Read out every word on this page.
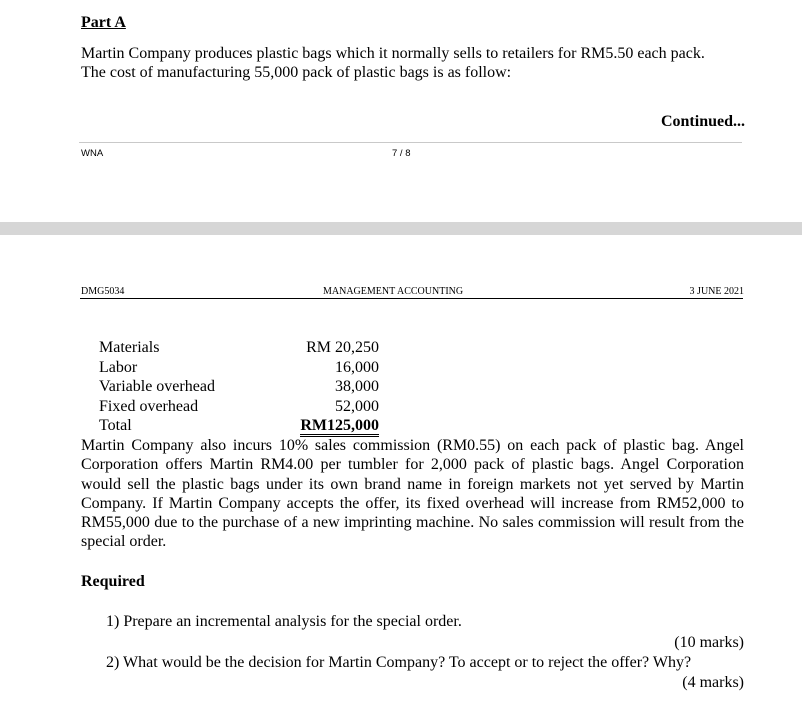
Part A
Martin Company produces plastic bags which it normally sells to retailers for RM5.50 each pack.
The cost of manufacturing 55,000 pack of plastic bags is as follow:
Continued...
WNA	7 / 8
DMG5034	MANAGEMENT ACCOUNTING	3 JUNE 2021
Materials	RM 20,250
Labor	16,000
Variable overhead	38,000
Fixed overhead	52,000
Total	RM125,000
Martin Company also incurs 10% sales commission (RM0.55) on each pack of plastic bag. Angel Corporation offers Martin RM4.00 per tumbler for 2,000 pack of plastic bags. Angel Corporation would sell the plastic bags under its own brand name in foreign markets not yet served by Martin Company. If Martin Company accepts the offer, its fixed overhead will increase from RM52,000 to RM55,000 due to the purchase of a new imprinting machine. No sales commission will result from the special order.
Required
1) Prepare an incremental analysis for the special order.
(10 marks)
2) What would be the decision for Martin Company? To accept or to reject the offer? Why?
(4 marks)
